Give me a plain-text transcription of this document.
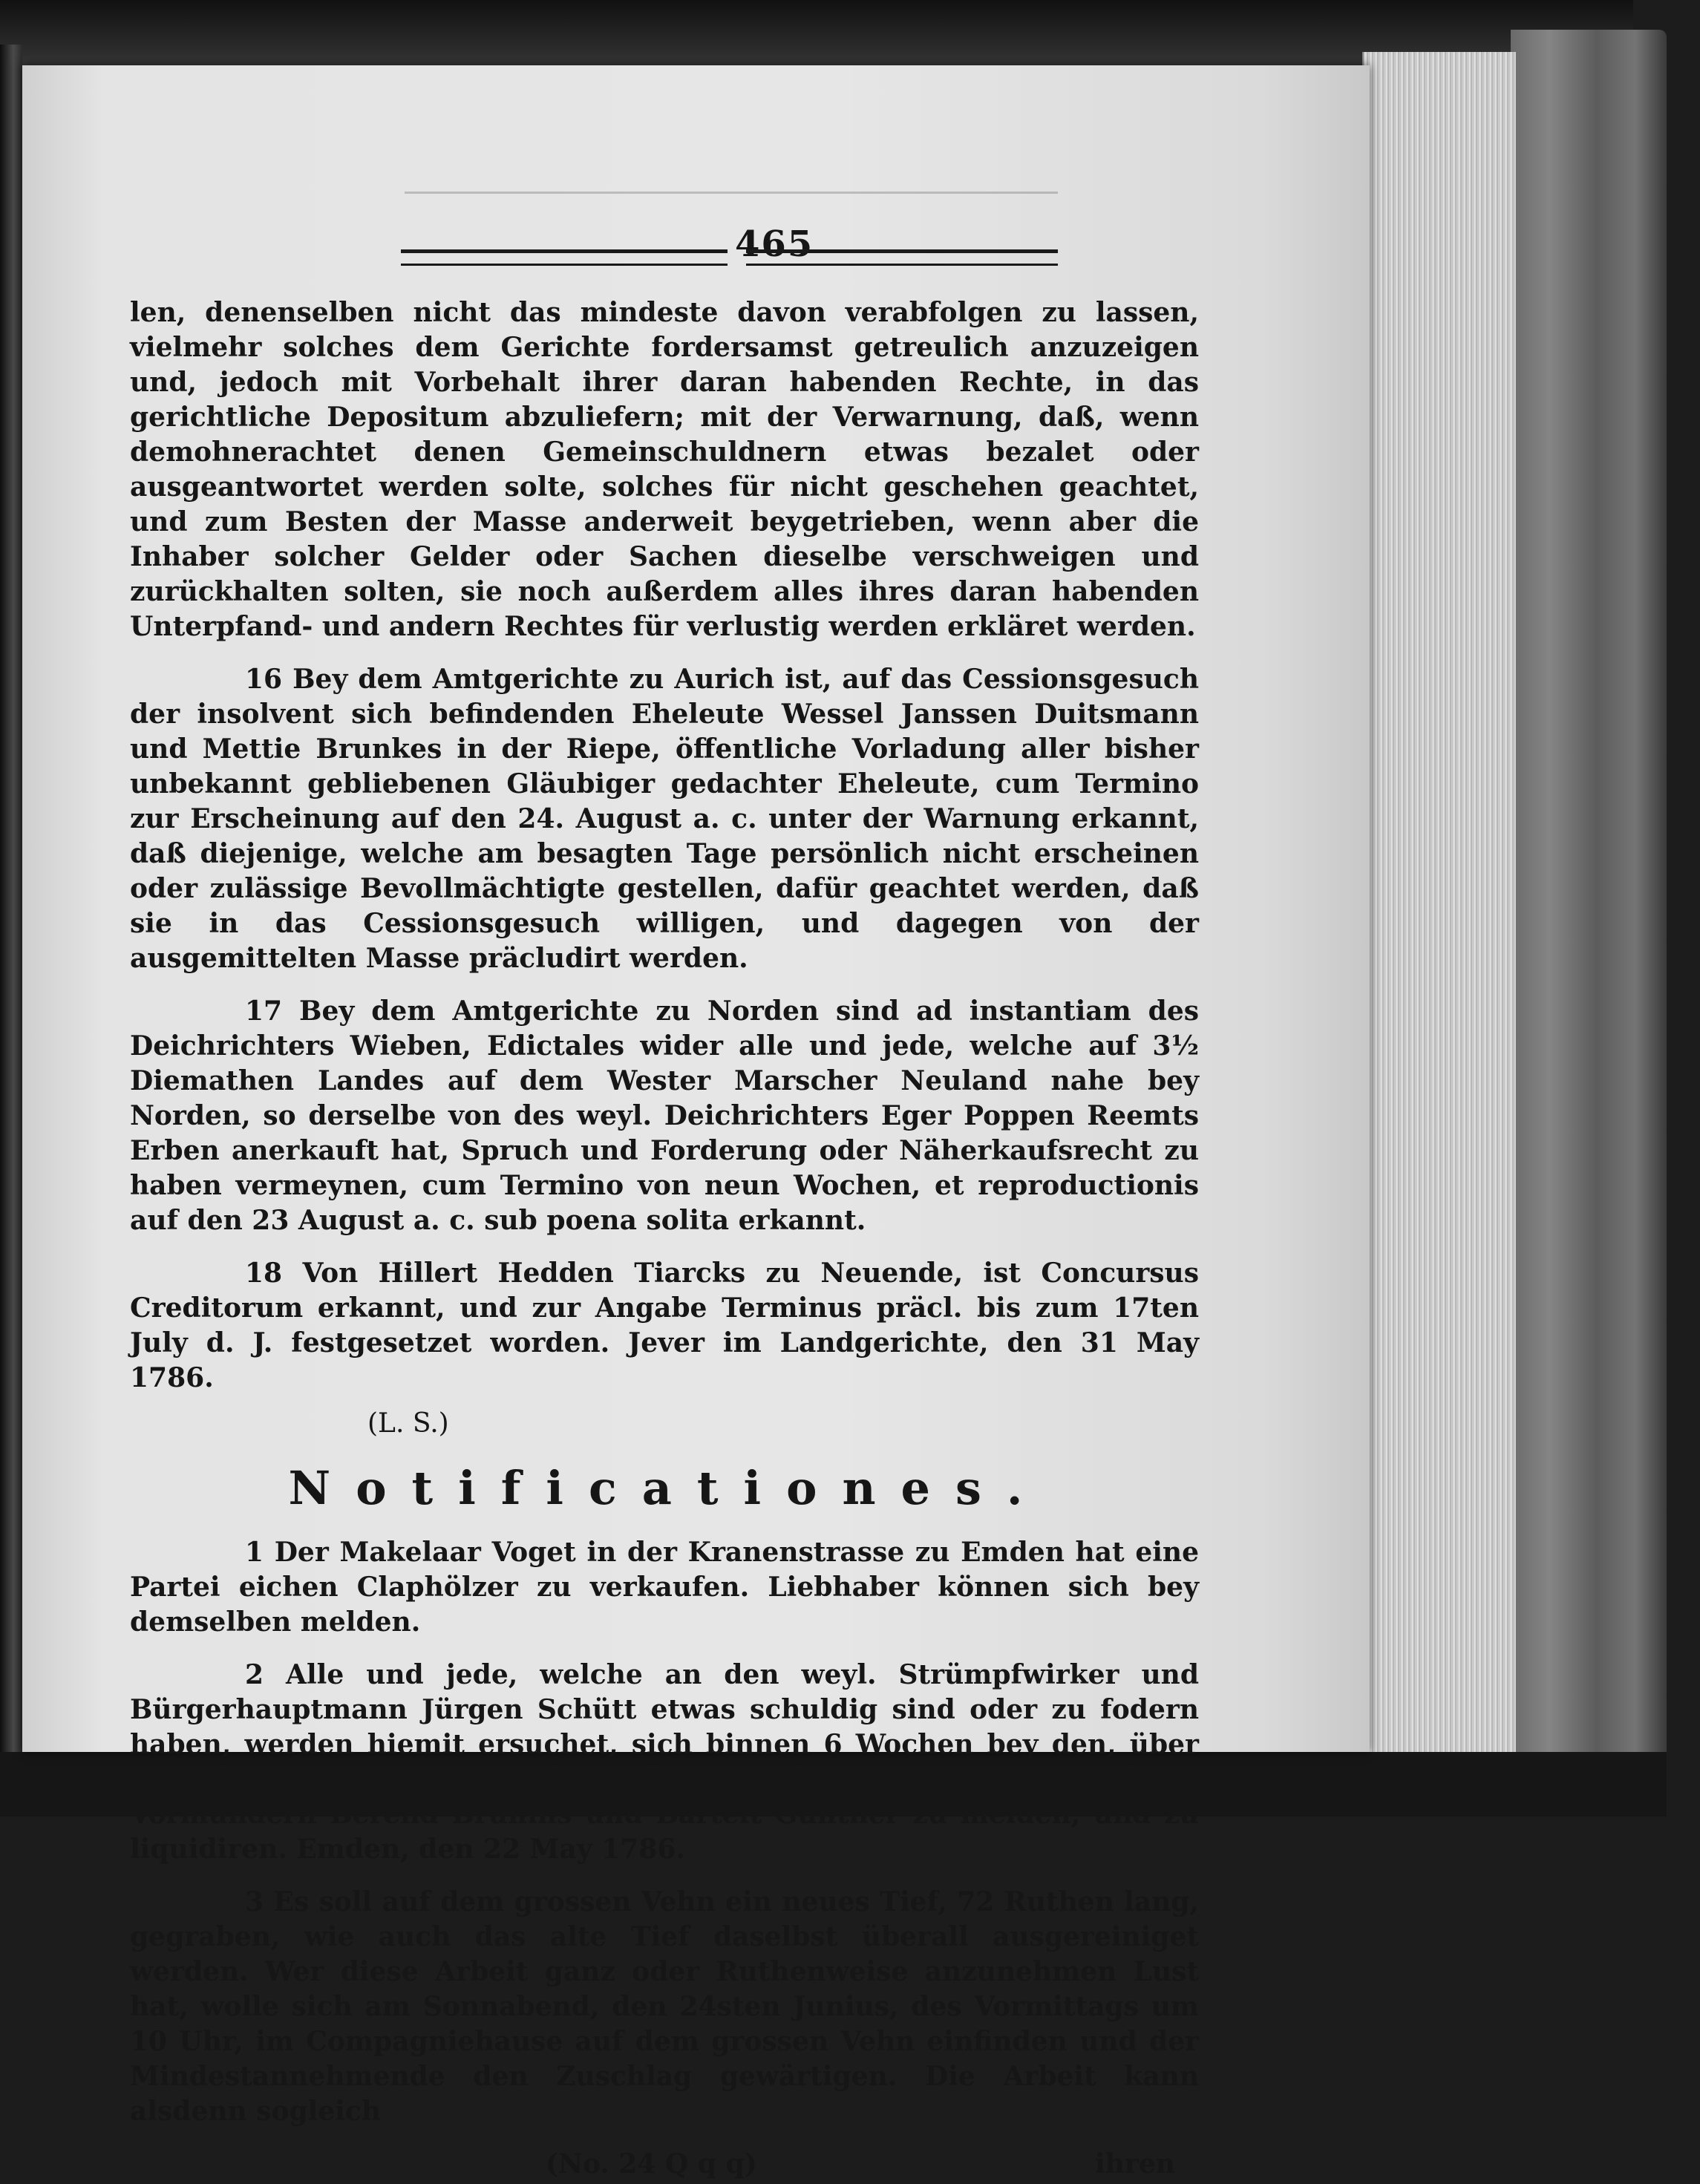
465

len, denenselben nicht das mindeste davon verabfolgen zu lassen, vielmehr solches dem Gerichte fordersamst getreulich anzuzeigen und, jedoch mit Vorbehalt ihrer daran habenden Rechte, in das gerichtliche Depositum abzuliefern; mit der Verwarnung, daß, wenn demohnerachtet denen Gemeinschuldnern etwas bezalet oder ausgeantwortet werden solte, solches für nicht geschehen geachtet, und zum Besten der Masse anderweit beygetrieben, wenn aber die Inhaber solcher Gelder oder Sachen dieselbe verschweigen und zurückhalten solten, sie noch außerdem alles ihres daran habenden Unterpfand- und andern Rechtes für verlustig werden erkläret werden.

16 Bey dem Amtgerichte zu Aurich ist, auf das Cessionsgesuch der insolvent sich befindenden Eheleute Wessel Janssen Duitsmann und Mettie Brunkes in der Riepe, öffentliche Vorladung aller bisher unbekannt gebliebenen Gläubiger gedachter Eheleute, cum Termino zur Erscheinung auf den 24. August a. c. unter der Warnung erkannt, daß diejenige, welche am besagten Tage persönlich nicht erscheinen oder zulässige Bevollmächtigte gestellen, dafür geachtet werden, daß sie in das Cessionsgesuch willigen, und dagegen von der ausgemittelten Masse präcludirt werden.

17 Bey dem Amtgerichte zu Norden sind ad instantiam des Deichrichters Wieben, Edictales wider alle und jede, welche auf 3½ Diemathen Landes auf dem Wester Marscher Neuland nahe bey Norden, so derselbe von des weyl. Deichrichters Eger Poppen Reemts Erben anerkauft hat, Spruch und Forderung oder Näherkaufsrecht zu haben vermeynen, cum Termino von neun Wochen, et reproductionis auf den 23 August a. c. sub poena solita erkannt.

18 Von Hillert Hedden Tiarcks zu Neuende, ist Concursus Creditorum erkannt, und zur Angabe Terminus präcl. bis zum 17ten July d. J. festgesetzet worden. Jever im Landgerichte, den 31 May 1786.

(L. S.)

Notificationes.

1 Der Makelaar Voget in der Kranenstrasse zu Emden hat eine Partei eichen Claphölzer zu verkaufen. Liebhaber können sich bey demselben melden.

2 Alle und jede, welche an den weyl. Strümpfwirker und Bürgerhauptmann Jürgen Schütt etwas schuldig sind oder zu fodern haben, werden hiemit ersuchet, sich binnen 6 Wochen bey den, über desselben nachgelassene minderjährige Tochter, gerichtlich bestellten Vormündern Berend Brunins und Bartelt Günther zu melden, und zu liquidiren. Emden, den 22 May 1786.

3 Es soll auf dem grossen Vehn ein neues Tief, 72 Ruthen lang, gegraben, wie auch das alte Tief daselbst überall ausgereiniget werden. Wer diese Arbeit ganz oder Ruthenweise anzunehmen Lust hat, wolle sich am Sonnabend, den 24sten Junius, des Vormittags um 10 Uhr, im Compagniehause auf dem grossen Vehn einfinden und der Mindestannehmende den Zuschlag gewärtigen. Die Arbeit kann alsdenn sogleich

(No. 24 Q q q)	ihren
